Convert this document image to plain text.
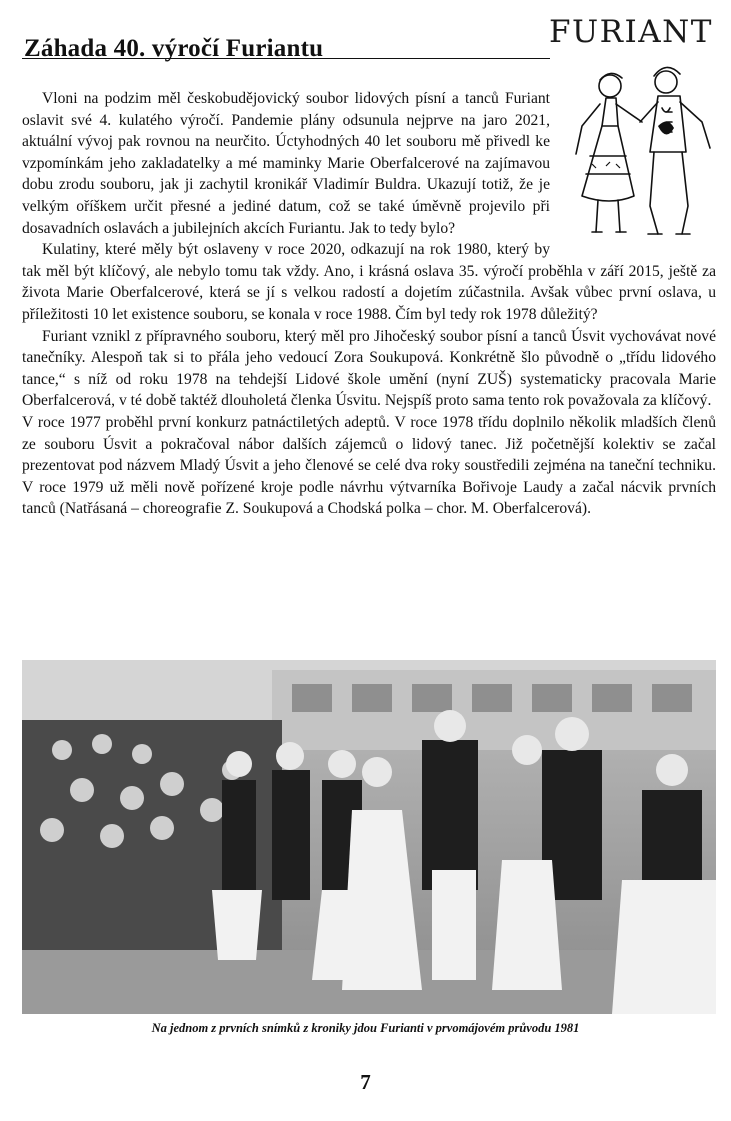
Záhada 40. výročí Furiantu	FURIANT

Vloni na podzim měl českobudějovický soubor lidových písní a tanců Furiant oslavit své 4. kulatého výročí. Pandemie plány odsunula nejprve na jaro 2021, aktuální vývoj pak rovnou na neurčito. Úctyhodných 40 let souboru mě přivedl ke vzpomínkám jeho zakladatelky a mé maminky Marie Oberfalcerové na zajímavou dobu zrodu souboru, jak ji zachytil kronikář Vladimír Buldra. Ukazují totiž, že je velkým oříškem určit přesné a jediné datum, což se také úměvně projevilo při dosavadních oslavách a jubilejních akcích Furiantu. Jak to tedy bylo?

Kulatiny, které měly být oslaveny v roce 2020, odkazují na rok 1980, který by tak měl být klíčový, ale nebylo tomu tak vždy. Ano, i krásná oslava 35. výročí proběhla v září 2015, ještě za života Marie Oberfalcerové, která se jí s velkou radostí a dojetím zúčastnila. Avšak vůbec první oslava, u příležitosti 10 let existence souboru, se konala v roce 1988. Čím byl tedy rok 1978 důležitý?

Furiant vznikl z přípravného souboru, který měl pro Jihočeský soubor písní a tanců Úsvit vychovávat nové tanečníky. Alespoň tak si to přála jeho vedoucí Zora Soukupová. Konkrétně šlo původně o „třídu lidového tance,“ s níž od roku 1978 na tehdejší Lidové škole umění (nyní ZUŠ) systematicky pracovala Marie Oberfalcerová, v té době taktéž dlouholetá členka Úsvitu. Nejspíš proto sama tento rok považovala za klíčový.

V roce 1977 proběhl první konkurz patnáctiletých adeptů. V roce 1978 třídu doplnilo několik mladších členů ze souboru Úsvit a pokračoval nábor dalších zájemců o lidový tanec. Již početnější kolektiv se začal prezentovat pod názvem Mladý Úsvit a jeho členové se celé dva roky soustředili zejména na taneční techniku. V roce 1979 už měli nově pořízené kroje podle návrhu výtvarníka Bořivoje Laudy a začal nácvik prvních tanců (Natřásaná – choreografie Z. Soukupová a Chodská polka – chor. M. Oberfalcerová).

Na jednom z prvních snímků z kroniky jdou Furianti v prvomájovém průvodu 1981
7
